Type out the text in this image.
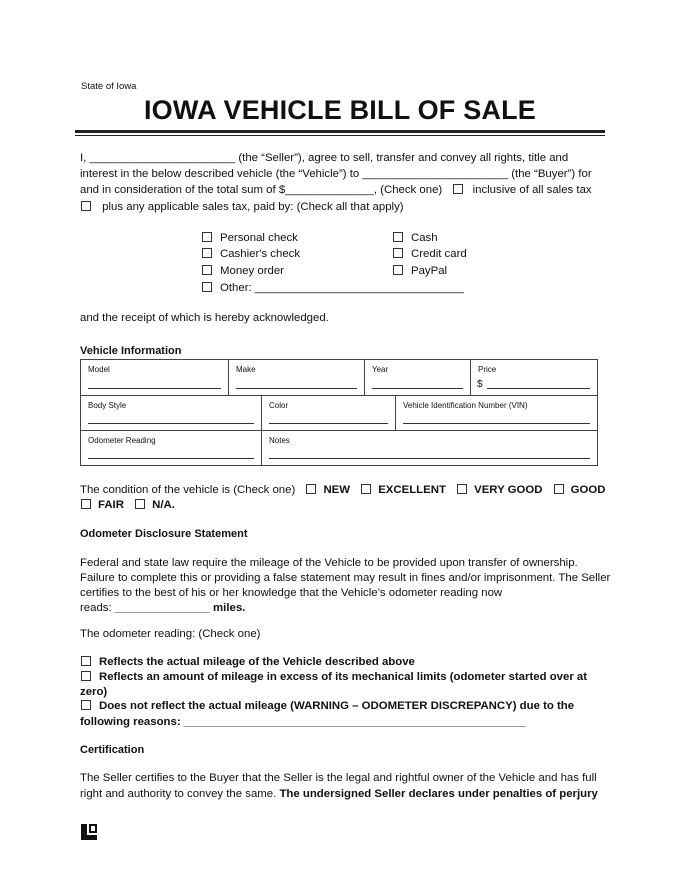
State of Iowa
IOWA VEHICLE BILL OF SALE
I, _______________________ (the “Seller”), agree to sell, transfer and convey all rights, title and
interest in the below described vehicle (the “Vehicle”) to _______________________ (the “Buyer”) for
and in consideration of the total sum of $______________, (Check one)	inclusive of all sales tax
plus any applicable sales tax, paid by: (Check all that apply)
Personal check
Cashier's check
Money order
Other: _________________________________
Cash
Credit card
PayPal
and the receipt of which is hereby acknowledged.
Vehicle Information
Model	Make	Year	Price
$
Body Style	Color	Vehicle Identification Number (VIN)
Odometer Reading	Notes
The condition of the vehicle is (Check one) NEW EXCELLENT VERY GOOD GOOD
FAIR N/A.
Odometer Disclosure Statement
Federal and state law require the mileage of the Vehicle to be provided upon transfer of ownership.
Failure to complete this or providing a false statement may result in fines and/or imprisonment. The Seller
certifies to the best of his or her knowledge that the Vehicle’s odometer reading now
reads: _______________ miles.
The odometer reading: (Check one)
Reflects the actual mileage of the Vehicle described above
Reflects an amount of mileage in excess of its mechanical limits (odometer started over at
zero)
Does not reflect the actual mileage (WARNING – ODOMETER DISCREPANCY) due to the
following reasons: ______________________________________________________
Certification
The Seller certifies to the Buyer that the Seller is the legal and rightful owner of the Vehicle and has full
right and authority to convey the same. The undersigned Seller declares under penalties of perjury
